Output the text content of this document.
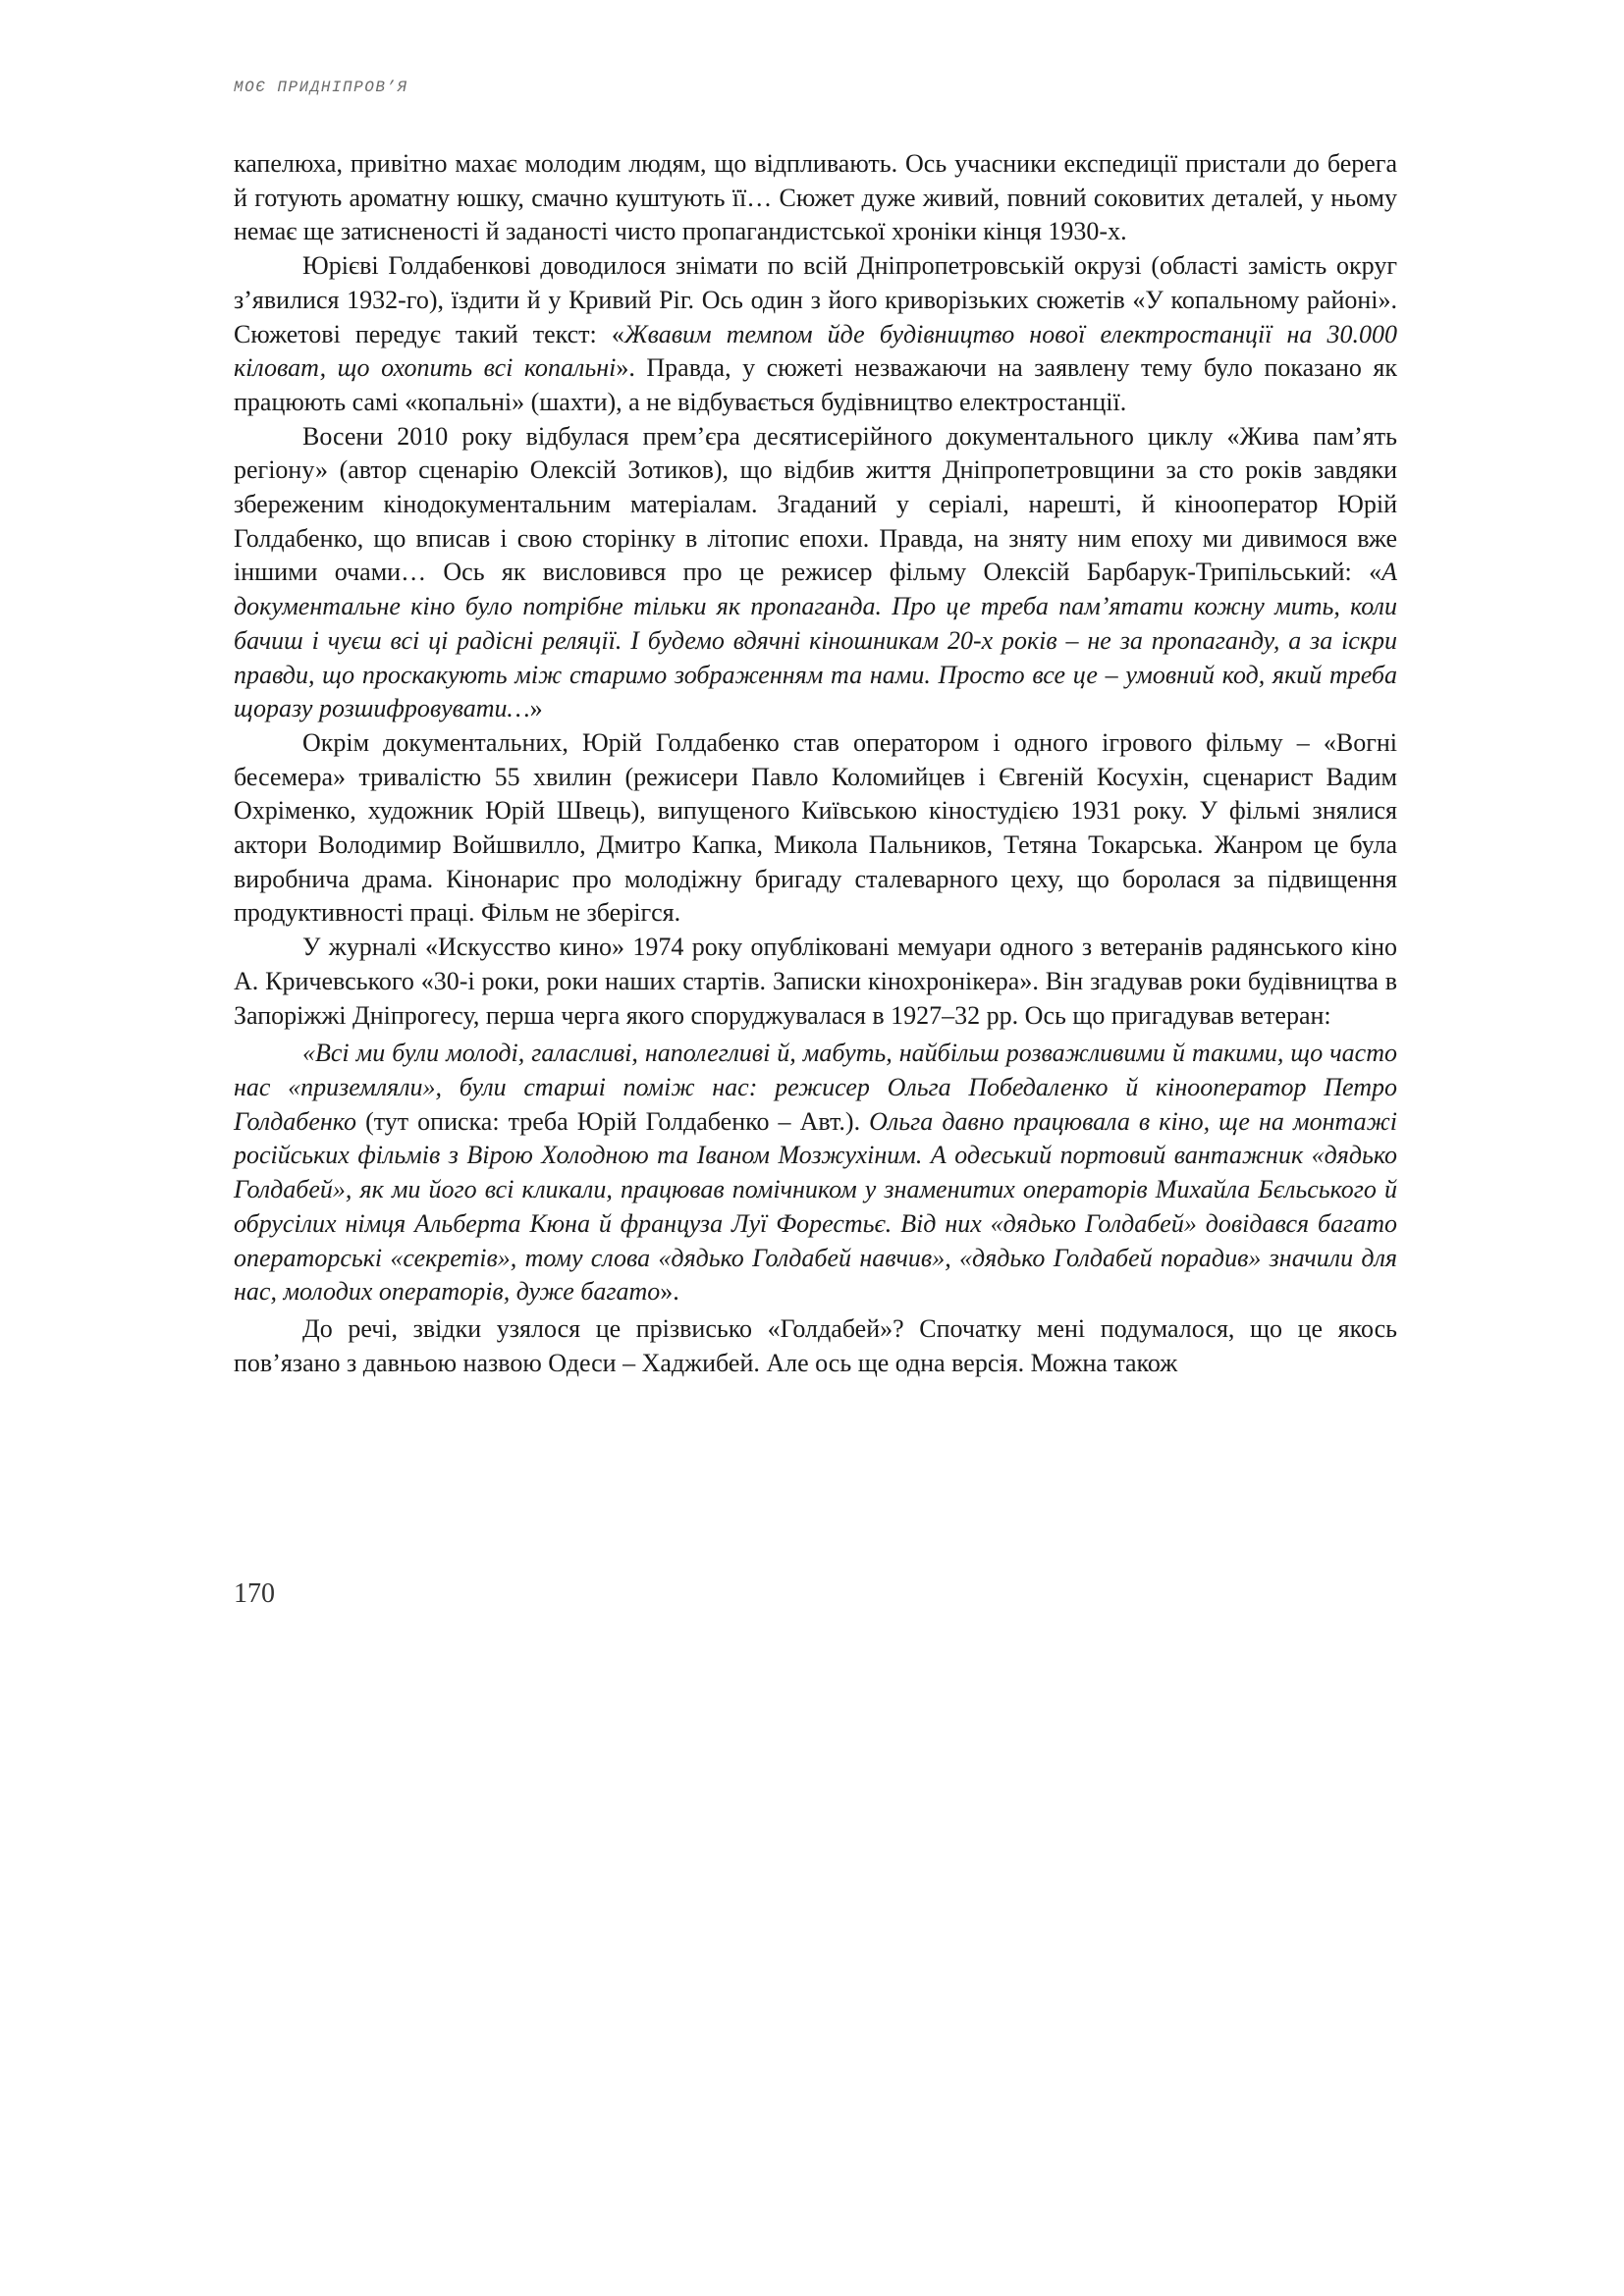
МОЄ ПРИДНІПРОВ’Я

капелюха, привітно махає молодим людям, що відпливають. Ось учасники експедиції пристали до берега й готують ароматну юшку, смачно куштують її… Сюжет дуже живий, повний соковитих деталей, у ньому немає ще затисненості й заданості чисто пропагандистської хроніки кінця 1930-х.

Юрієві Голдабенкові доводилося знімати по всій Дніпропетровській окрузі (області замість округ з’явилися 1932-го), їздити й у Кривий Ріг. Ось один з його криворізьких сюжетів «У копальному районі». Сюжетові передує такий текст: «Жвавим темпом йде будівництво нової електростанції на 30.000 кіловат, що охопить всі копальні». Правда, у сюжеті незважаючи на заявлену тему було показано як працюють самі «копальні» (шахти), а не відбувається будівництво електростанції.

Восени 2010 року відбулася прем’єра десятисерійного документального циклу «Жива пам’ять регіону» (автор сценарію Олексій Зотиков), що відбив життя Дніпропетровщини за сто років завдяки збереженим кінодокументальним матеріалам. Згаданий у серіалі, нарешті, й кінооператор Юрій Голдабенко, що вписав і свою сторінку в літопис епохи. Правда, на зняту ним епоху ми дивимося вже іншими очами… Ось як висловився про це режисер фільму Олексій Барбарук-Трипільський: «А документальне кіно було потрібне тільки як пропаганда. Про це треба пам’ятати кожну мить, коли бачиш і чуєш всі ці радісні реляції. І будемо вдячні кіношникам 20-х років – не за пропаганду, а за іскри правди, що проскакують між старимо зображенням та нами. Просто все це – умовний код, який треба щоразу розшифровувати…»

Окрім документальних, Юрій Голдабенко став оператором і одного ігрового фільму – «Вогні бесемера» тривалістю 55 хвилин (режисери Павло Коломийцев і Євгеній Косухін, сценарист Вадим Охріменко, художник Юрій Швець), випущеного Київською кіностудією 1931 року. У фільмі знялися актори Володимир Войшвилло, Дмитро Капка, Микола Пальников, Тетяна Токарська. Жанром це була виробнича драма. Кінонарис про молодіжну бригаду сталеварного цеху, що боролася за підвищення продуктивності праці. Фільм не зберігся.

У журналі «Искусство кино» 1974 року опубліковані мемуари одного з ветеранів радянського кіно А. Кричевського «30-і роки, роки наших стартів. Записки кінохронікера». Він згадував роки будівництва в Запоріжжі Дніпрогесу, перша черга якого споруджувалася в 1927–32 рр. Ось що пригадував ветеран:

«Всі ми були молоді, галасливі, наполегливі й, мабуть, найбільш розважливими й такими, що часто нас «приземляли», були старші поміж нас: режисер Ольга Победаленко й кінооператор Петро Голдабенко (тут описка: треба Юрій Голдабенко – Авт.). Ольга давно працювала в кіно, ще на монтажі російських фільмів з Вірою Холодною та Іваном Мозжухіним. А одеський портовий вантажник «дядько Голдабей», як ми його всі кликали, працював помічником у знаменитих операторів Михайла Бєльського й обрусілих німця Альберта Кюна й француза Луї Форестьє. Від них «дядько Голдабей» довідався багато операторські «секретів», тому слова «дядько Голдабей навчив», «дядько Голдабей порадив» значили для нас, молодих операторів, дуже багато».

До речі, звідки узялося це прізвисько «Голдабей»? Спочатку мені подумалося, що це якось пов’язано з давньою назвою Одеси – Хаджибей. Але ось ще одна версія. Можна також

170
